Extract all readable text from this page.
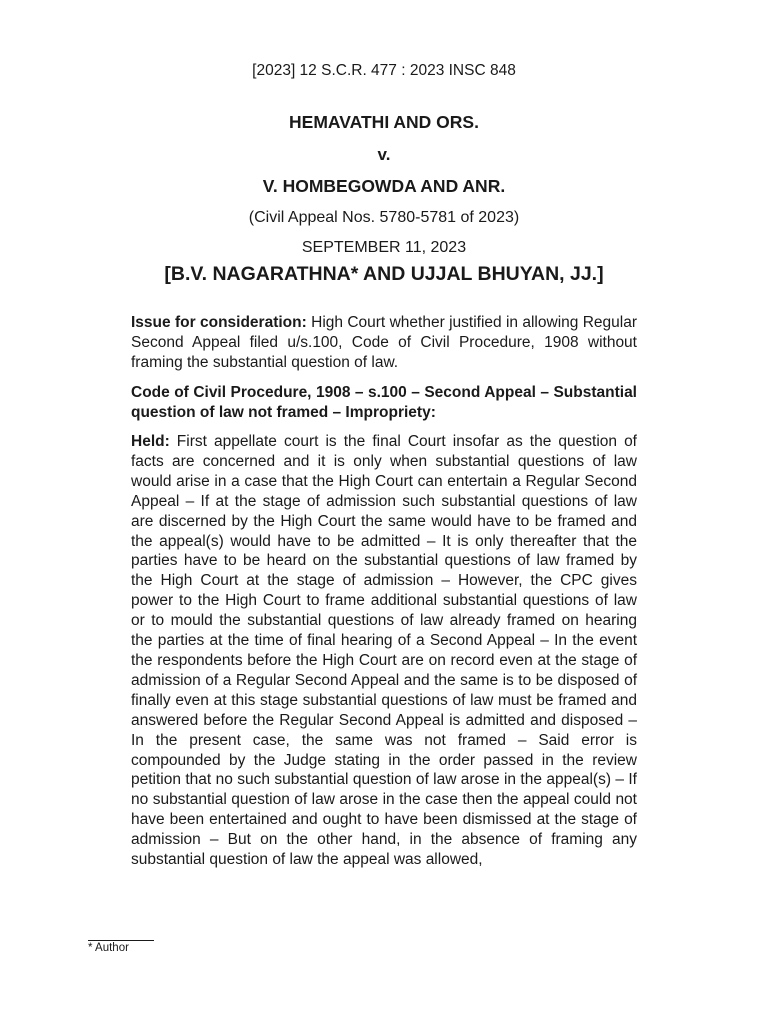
[2023] 12 S.C.R. 477 : 2023 INSC 848
HEMAVATHI AND ORS.
v.
V. HOMBEGOWDA AND ANR.
(Civil Appeal Nos. 5780-5781 of 2023)
SEPTEMBER 11, 2023
[B.V. NAGARATHNA* AND UJJAL BHUYAN, JJ.]

Issue for consideration: High Court whether justified in allowing Regular Second Appeal filed u/s.100, Code of Civil Procedure, 1908 without framing the substantial question of law.

Code of Civil Procedure, 1908 – s.100 – Second Appeal – Substantial question of law not framed – Impropriety:

Held: First appellate court is the final Court insofar as the question of facts are concerned and it is only when substantial questions of law would arise in a case that the High Court can entertain a Regular Second Appeal – If at the stage of admission such substantial questions of law are discerned by the High Court the same would have to be framed and the appeal(s) would have to be admitted – It is only thereafter that the parties have to be heard on the substantial questions of law framed by the High Court at the stage of admission – However, the CPC gives power to the High Court to frame additional substantial questions of law or to mould the substantial questions of law already framed on hearing the parties at the time of final hearing of a Second Appeal – In the event the respondents before the High Court are on record even at the stage of admission of a Regular Second Appeal and the same is to be disposed of finally even at this stage substantial questions of law must be framed and answered before the Regular Second Appeal is admitted and disposed – In the present case, the same was not framed – Said error is compounded by the Judge stating in the order passed in the review petition that no such substantial question of law arose in the appeal(s) – If no substantial question of law arose in the case then the appeal could not have been entertained and ought to have been dismissed at the stage of admission – But on the other hand, in the absence of framing any substantial question of law the appeal was allowed,

* Author
